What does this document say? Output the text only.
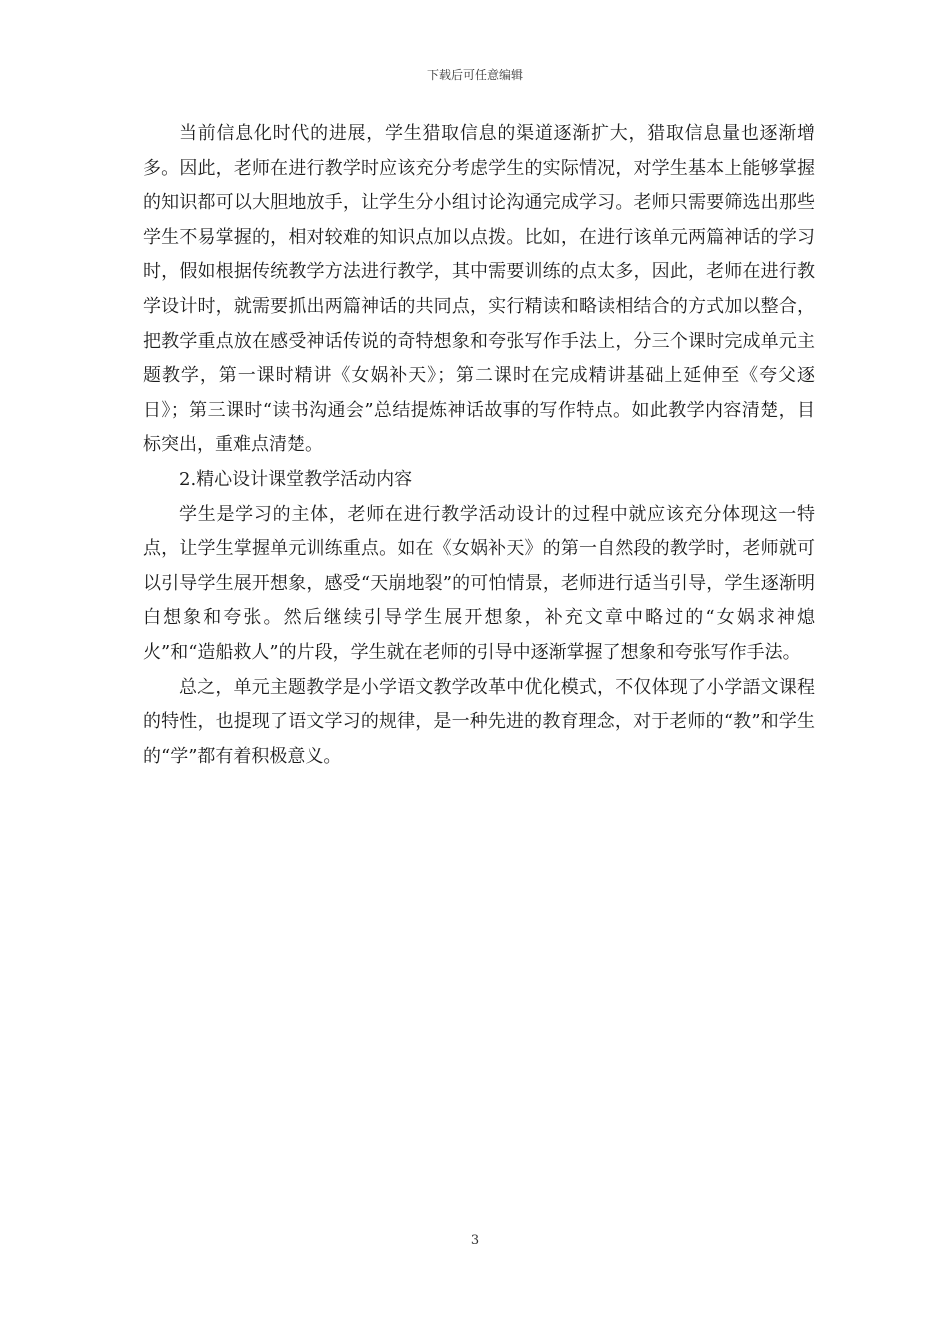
下载后可任意编辑

当前信息化时代的进展，学生猎取信息的渠道逐渐扩大，猎取信息量也逐渐增多。因此，老师在进行教学时应该充分考虑学生的实际情况，对学生基本上能够掌握的知识都可以大胆地放手，让学生分小组讨论沟通完成学习。老师只需要筛选出那些学生不易掌握的，相对较难的知识点加以点拨。比如，在进行该单元两篇神话的学习时，假如根据传统教学方法进行教学，其中需要训练的点太多，因此，老师在进行教学设计时，就需要抓出两篇神话的共同点，实行精读和略读相结合的方式加以整合，把教学重点放在感受神话传说的奇特想象和夸张写作手法上，分三个课时完成单元主题教学，第一课时精讲《女娲补天》；第二课时在完成精讲基础上延伸至《夸父逐日》；第三课时“读书沟通会”总结提炼神话故事的写作特点。如此教学内容清楚，目标突出，重难点清楚。

2.精心设计课堂教学活动内容

学生是学习的主体，老师在进行教学活动设计的过程中就应该充分体现这一特点，让学生掌握单元训练重点。如在《女娲补天》的第一自然段的教学时，老师就可以引导学生展开想象，感受“天崩地裂”的可怕情景，老师进行适当引导，学生逐渐明白想象和夸张。然后继续引导学生展开想象，补充文章中略过的“女娲求神熄火”和“造船救人”的片段，学生就在老师的引导中逐渐掌握了想象和夸张写作手法。

总之，单元主题教学是小学语文教学改革中优化模式，不仅体现了小学語文课程的特性，也提现了语文学习的规律，是一种先进的教育理念，对于老师的“教”和学生的“学”都有着积极意义。

3
